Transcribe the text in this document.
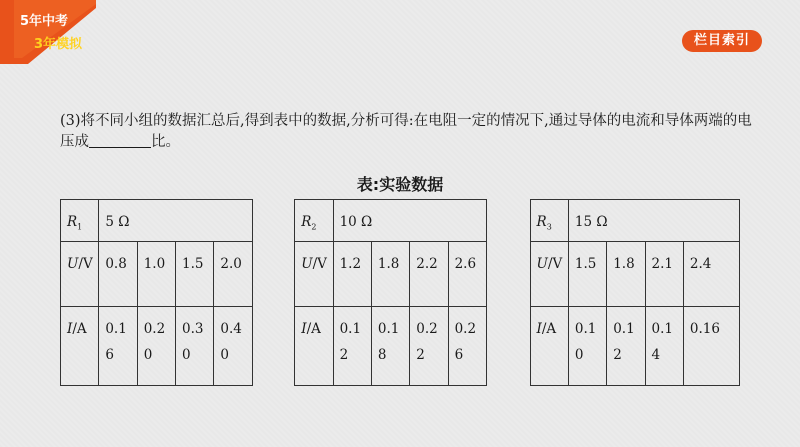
5年中考
3年模拟	栏目索引
(3)将不同小组的数据汇总后,得到表中的数据,分析可得:在电阻一定的情况下,通过导体的电流和导体两端的电压成	比。
表:实验数据
$R_1$	5 Ω					$R_2$	10 Ω					$R_3$	15 Ω			
U/V	0.8	1.0	1.5	2.0		U/V	1.2	1.8	2.2	2.6		U/V	1.5	1.8	2.1	2.4
I/A	0.16	0.20	0.30	0.40		I/A	0.12	0.18	0.22	0.26		I/A	0.10	0.12	0.14	0.16
